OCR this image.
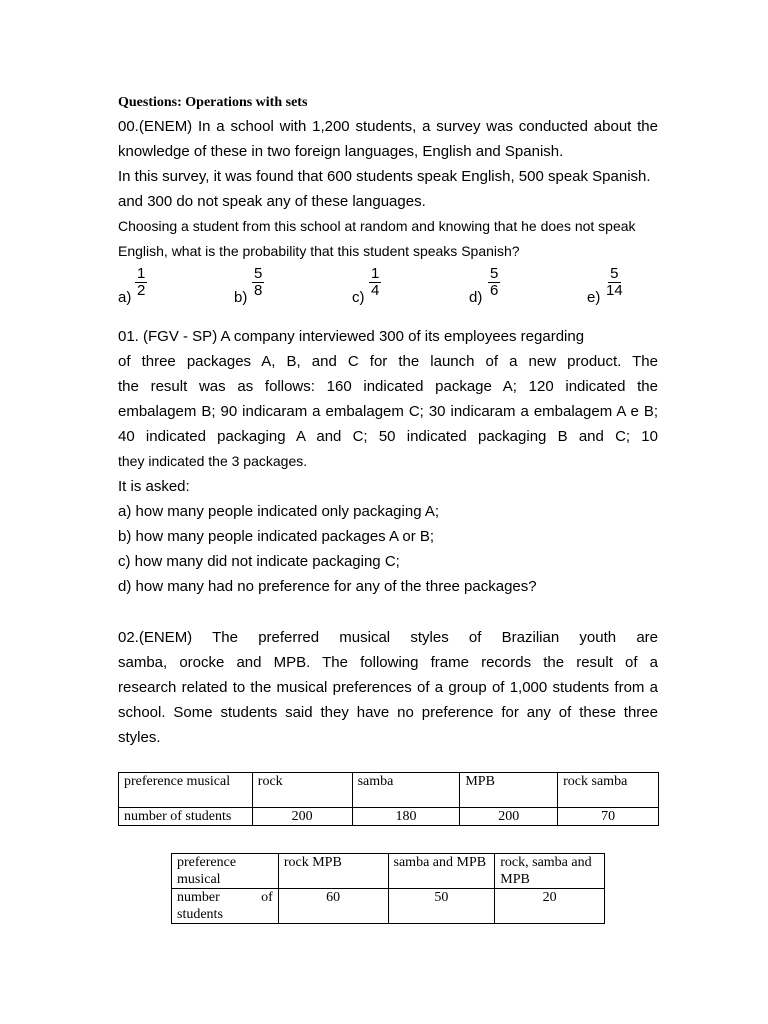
Questions: Operations with sets
00.(ENEM) In a school with 1,200 students, a survey was conducted about the
knowledge of these in two foreign languages, English and Spanish.
In this survey, it was found that 600 students speak English, 500 speak Spanish.
and 300 do not speak any of these languages.
Choosing a student from this school at random and knowing that he does not speak
English, what is the probability that this student speaks Spanish?
$a) \frac{1}{2}$	$b) \frac{5}{8}$	$c) \frac{1}{4}$	$d) \frac{5}{6}$	$e) \frac{5}{14}$
01. (FGV - SP) A company interviewed 300 of its employees regarding
of three packages A, B, and C for the launch of a new product. The
the result was as follows: 160 indicated package A; 120 indicated the
embalagem B; 90 indicaram a embalagem C; 30 indicaram a embalagem A e B;
40 indicated packaging A and C; 50 indicated packaging B and C; 10
they indicated the 3 packages.
It is asked:
a) how many people indicated only packaging A;
b) how many people indicated packages A or B;
c) how many did not indicate packaging C;
d) how many had no preference for any of the three packages?
02.(ENEM) The preferred musical styles of Brazilian youth are
samba, orocke and MPB. The following frame records the result of a
research related to the musical preferences of a group of 1,000 students from a
school. Some students said they have no preference for any of these three
styles.
preference musical	rock	samba	MPB	rock samba
number of students	200	180	200	70
preference musical	rock MPB	samba and MPB	rock, samba and MPB

number of
students	60	50	20
